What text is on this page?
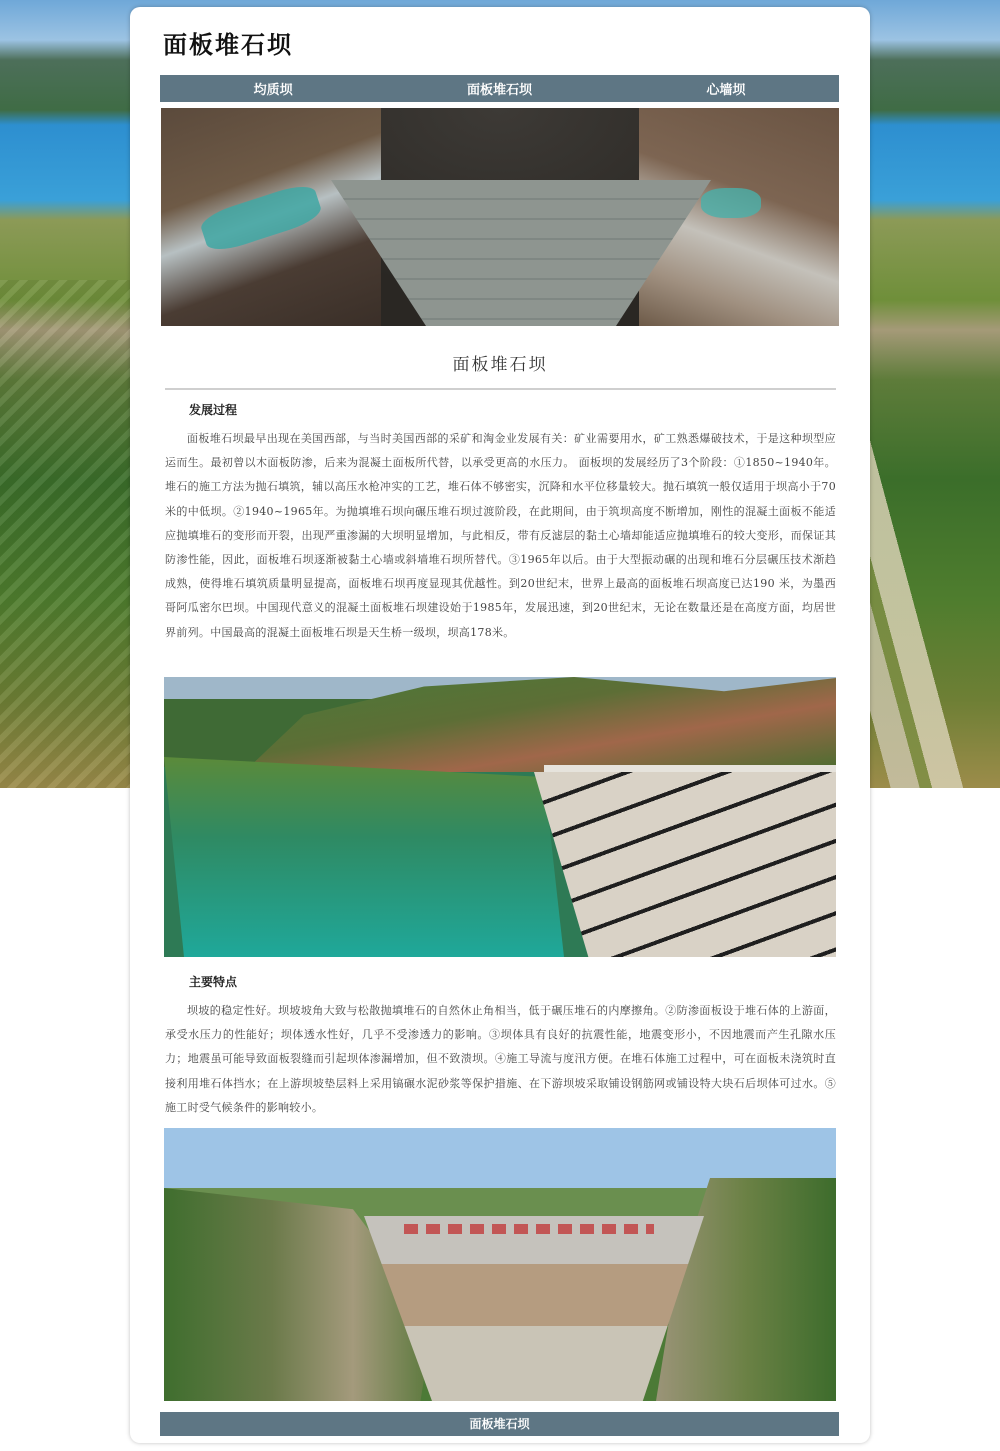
面板堆石坝
均质坝	面板堆石坝	心墙坝
面板堆石坝
发展过程

面板堆石坝最早出现在美国西部，与当时美国西部的采矿和淘金业发展有关：矿业需要用水，矿工熟悉爆破技术，于是这种坝型应运而生。最初曾以木面板防渗，后来为混凝土面板所代替，以承受更高的水压力。 面板坝的发展经历了3个阶段：①1850~1940年。堆石的施工方法为抛石填筑，辅以高压水枪冲实的工艺，堆石体不够密实，沉降和水平位移量较大。抛石填筑一般仅适用于坝高小于70 米的中低坝。②1940~1965年。为抛填堆石坝向碾压堆石坝过渡阶段，在此期间，由于筑坝高度不断增加，刚性的混凝土面板不能适应抛填堆石的变形而开裂，出现严重渗漏的大坝明显增加，与此相反，带有反滤层的黏土心墙却能适应抛填堆石的较大变形，而保证其防渗性能，因此，面板堆石坝逐渐被黏土心墙或斜墙堆石坝所替代。③1965年以后。由于大型振动碾的出现和堆石分层碾压技术渐趋成熟，使得堆石填筑质量明显提高，面板堆石坝再度显现其优越性。到20世纪末，世界上最高的面板堆石坝高度已达190 米，为墨西哥阿瓜密尔巴坝。中国现代意义的混凝土面板堆石坝建设始于1985年，发展迅速，到20世纪末，无论在数量还是在高度方面，均居世界前列。中国最高的混凝土面板堆石坝是天生桥一级坝，坝高178米。

主要特点

坝坡的稳定性好。坝坡坡角大致与松散抛填堆石的自然休止角相当，低于碾压堆石的内摩擦角。②防渗面板设于堆石体的上游面，承受水压力的性能好；坝体透水性好，几乎不受渗透力的影响。③坝体具有良好的抗震性能，地震变形小，不因地震而产生孔隙水压力；地震虽可能导致面板裂缝而引起坝体渗漏增加，但不致溃坝。④施工导流与度汛方便。在堆石体施工过程中，可在面板未浇筑时直接利用堆石体挡水；在上游坝坡垫层料上采用镐碾水泥砂浆等保护措施、在下游坝坡采取铺设钢筋网或铺设特大块石后坝体可过水。⑤施工时受气候条件的影响较小。

面板堆石坝
